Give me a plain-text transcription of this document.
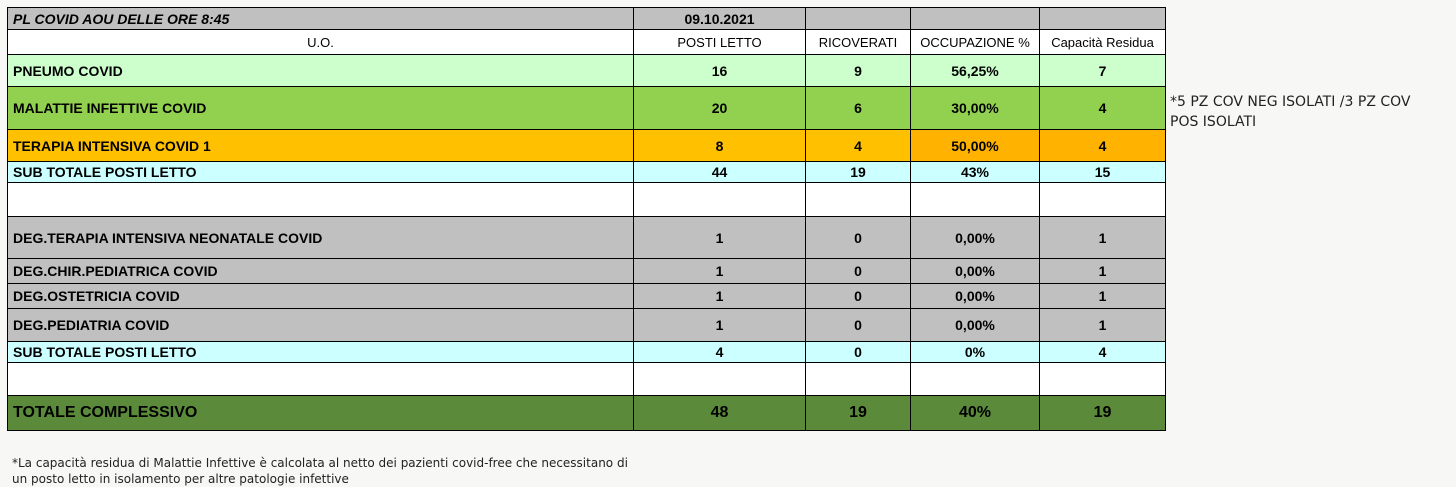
PL COVID AOU DELLE ORE 8:45	09.10.2021			
U.O.	POSTI LETTO	RICOVERATI	OCCUPAZIONE %	Capacità Residua
PNEUMO COVID	16	9	56,25%	7
MALATTIE INFETTIVE COVID	20	6	30,00%	4
TERAPIA INTENSIVA COVID 1	8	4	50,00%	4
SUB TOTALE POSTI LETTO	44	19	43%	15

DEG.TERAPIA INTENSIVA NEONATALE COVID	1	0	0,00%	1
DEG.CHIR.PEDIATRICA COVID	1	0	0,00%	1
DEG.OSTETRICIA COVID	1	0	0,00%	1
DEG.PEDIATRIA COVID	1	0	0,00%	1
SUB TOTALE POSTI LETTO	4	0	0%	4

TOTALE COMPLESSIVO	48	19	40%	19
*5 PZ COV NEG ISOLATI /3 PZ COV POS ISOLATI
*La capacità residua di Malattie Infettive è calcolata al netto dei pazienti covid-free che necessitano di un posto letto in isolamento per altre patologie infettive
